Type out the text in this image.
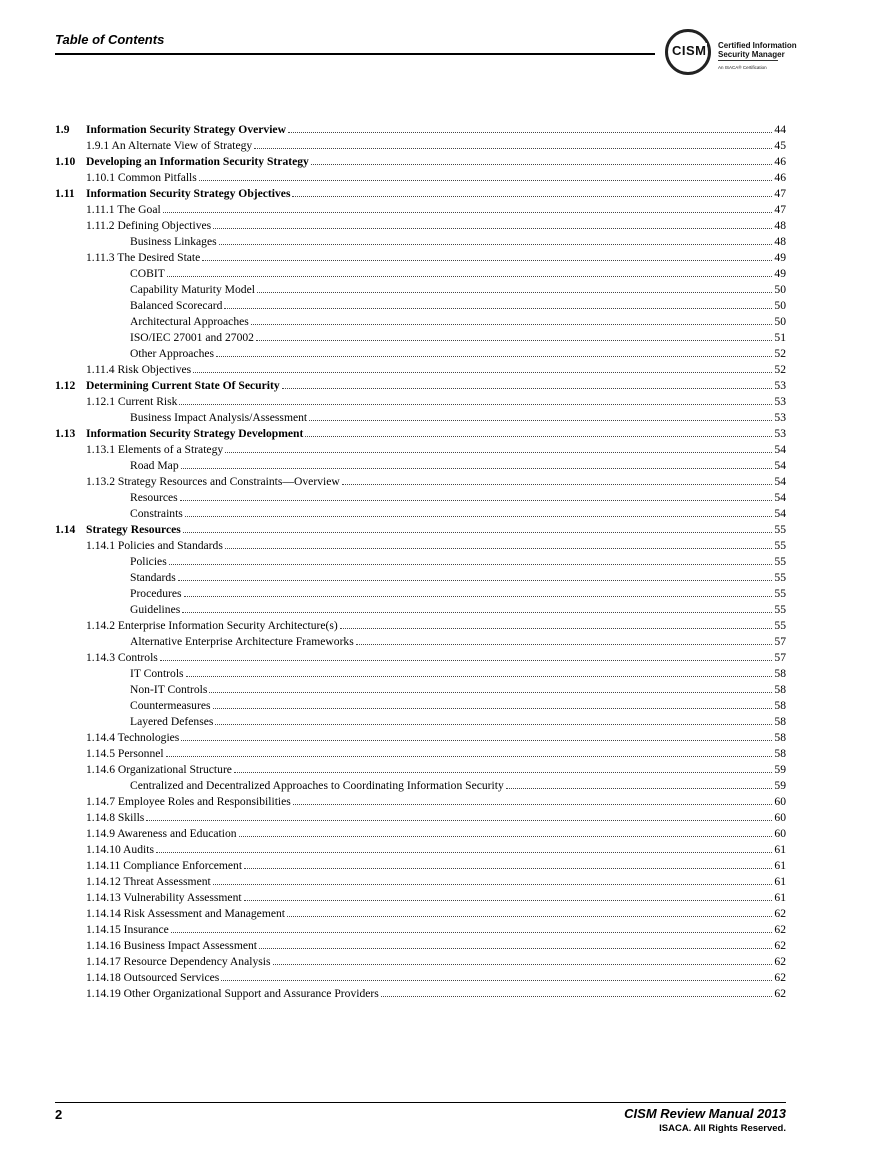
Table of Contents
CISM Certified Information
Security Manager
An ISACA® Certification
1.9	Information Security Strategy Overview	44
1.9.1 An Alternate View of Strategy	45
1.10 Developing an Information Security Strategy	46
1.10.1 Common Pitfalls	46
1.11 Information Security Strategy Objectives	47
1.11.1 The Goal	47
1.11.2 Defining Objectives	48
Business Linkages	48
1.11.3 The Desired State	49
COBIT	49
Capability Maturity Model	50
Balanced Scorecard	50
Architectural Approaches	50
ISO/IEC 27001 and 27002	51
Other Approaches	52
1.11.4 Risk Objectives	52
1.12 Determining Current State Of Security	53
1.12.1 Current Risk	53
Business Impact Analysis/Assessment	53
1.13 Information Security Strategy Development	53
1.13.1 Elements of a Strategy	54
Road Map	54
1.13.2 Strategy Resources and Constraints—Overview	54
Resources	54
Constraints	54
1.14 Strategy Resources	55
1.14.1 Policies and Standards	55
Policies	55
Standards	55
Procedures	55
Guidelines	55
1.14.2 Enterprise Information Security Architecture(s)	55
Alternative Enterprise Architecture Frameworks	57
1.14.3 Controls	57
IT Controls	58
Non-IT Controls	58
Countermeasures	58
Layered Defenses	58
1.14.4 Technologies	58
1.14.5 Personnel	58
1.14.6 Organizational Structure	59
Centralized and Decentralized Approaches to Coordinating Information Security	59
1.14.7 Employee Roles and Responsibilities	60
1.14.8 Skills	60
1.14.9 Awareness and Education	60
1.14.10 Audits	61
1.14.11 Compliance Enforcement	61
1.14.12 Threat Assessment	61
1.14.13 Vulnerability Assessment	61
1.14.14 Risk Assessment and Management	62
1.14.15 Insurance	62
1.14.16 Business Impact Assessment	62
1.14.17 Resource Dependency Analysis	62
1.14.18 Outsourced Services	62
1.14.19 Other Organizational Support and Assurance Providers	62
2	CISM Review Manual 2013
ISACA. All Rights Reserved.
